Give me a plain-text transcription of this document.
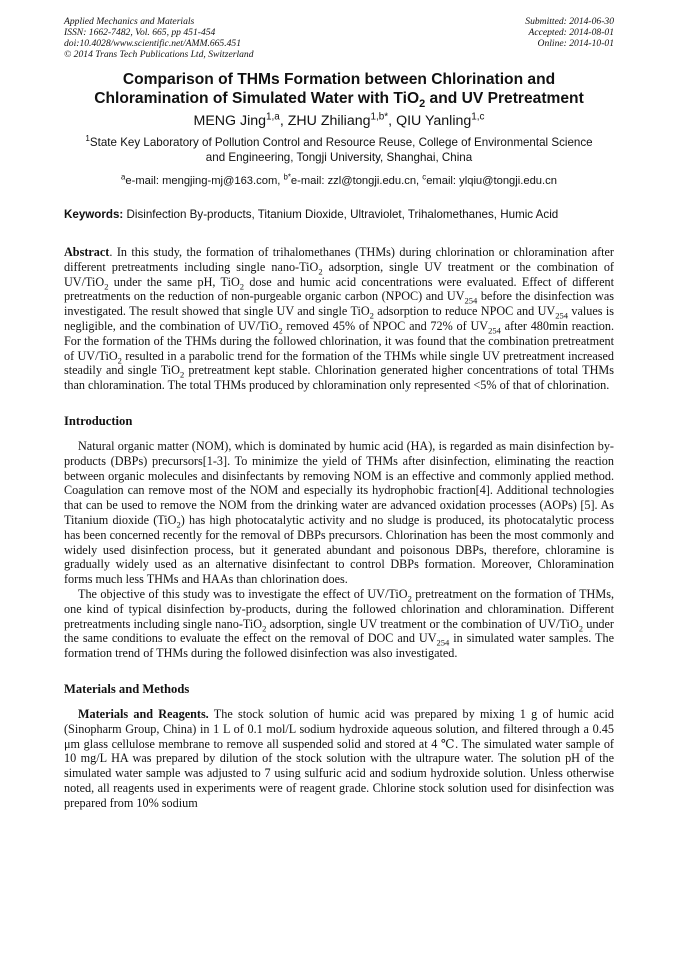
Applied Mechanics and Materials
ISSN: 1662-7482, Vol. 665, pp 451-454
doi:10.4028/www.scientific.net/AMM.665.451
© 2014 Trans Tech Publications Ltd, Switzerland
Submitted: 2014-06-30
Accepted: 2014-08-01
Online: 2014-10-01
Comparison of THMs Formation between Chlorination and
Chloramination of Simulated Water with TiO$_2$ and UV Pretreatment
MENG Jing$^{1,a}$, ZHU Zhiliang$^{1,b*}$, QIU Yanling$^{1,c}$
$^1$State Key Laboratory of Pollution Control and Resource Reuse, College of Environmental Science
and Engineering, Tongji University, Shanghai, China
$^a$e-mail: mengjing-mj@163.com, $^{b*}$e-mail: zzl@tongji.edu.cn, $^c$email: ylqiu@tongji.edu.cn
Keywords: Disinfection By-products, Titanium Dioxide, Ultraviolet, Trihalomethanes, Humic Acid
Abstract. In this study, the formation of trihalomethanes (THMs) during chlorination or chloramination after different pretreatments including single nano-TiO$_2$ adsorption, single UV treatment or the combination of UV/TiO$_2$ under the same pH, TiO$_2$ dose and humic acid concentrations were evaluated. Effect of different pretreatments on the reduction of non-purgeable organic carbon (NPOC) and $UV_{254}$ before the disinfection was investigated. The result showed that single UV and single TiO$_2$ adsorption to reduce NPOC and $UV_{254}$ values is negligible, and the combination of UV/TiO$_2$ removed 45% of NPOC and 72% of $UV_{254}$ after 480min reaction. For the formation of the THMs during the followed chlorination, it was found that the combination pretreatment of UV/TiO$_2$ resulted in a parabolic trend for the formation of the THMs while single UV pretreatment increased steadily and single TiO$_2$ pretreatment kept stable. Chlorination generated higher concentrations of total THMs than chloramination. The total THMs produced by chloramination only represented <5% of that of chlorination.
Introduction

Natural organic matter (NOM), which is dominated by humic acid (HA), is regarded as main disinfection by-products (DBPs) precursors[1-3]. To minimize the yield of THMs after disinfection, eliminating the reaction between organic molecules and disinfectants by removing NOM is an effective and commonly applied method. Coagulation can remove most of the NOM and especially its hydrophobic fraction[4]. Additional technologies that can be used to remove the NOM from the drinking water are advanced oxidation processes (AOPs) [5]. As Titanium dioxide (TiO$_2$) has high photocatalytic activity and no sludge is produced, its photocatalytic process has been concerned recently for the removal of DBPs precursors. Chlorination has been the most commonly and widely used disinfection process, but it generated abundant and poisonous DBPs, therefore, chloramine is gradually widely used as an alternative disinfectant to control DBPs formation. Moreover, Chloramination forms much less THMs and HAAs than chlorination does.

The objective of this study was to investigate the effect of UV/TiO$_2$ pretreatment on the formation of THMs, one kind of typical disinfection by-products, during the followed chlorination and chloramination. Different pretreatments including single nano-TiO$_2$ adsorption, single UV treatment or the combination of UV/TiO$_2$ under the same conditions to evaluate the effect on the removal of DOC and $UV_{254}$ in simulated water samples. The formation trend of THMs during the followed disinfection was also investigated.

Materials and Methods

Materials and Reagents. The stock solution of humic acid was prepared by mixing 1 g of humic acid (Sinopharm Group, China) in 1 L of 0.1 mol/L sodium hydroxide aqueous solution, and filtered through a 0.45 μm glass cellulose membrane to remove all suspended solid and stored at 4 ℃. The simulated water sample of 10 mg/L HA was prepared by dilution of the stock solution with the ultrapure water. The solution pH of the simulated water sample was adjusted to 7 using sulfuric acid and sodium hydroxide solution. Unless otherwise noted, all reagents used in experiments were of reagent grade. Chlorine stock solution used for disinfection was prepared from 10% sodium
